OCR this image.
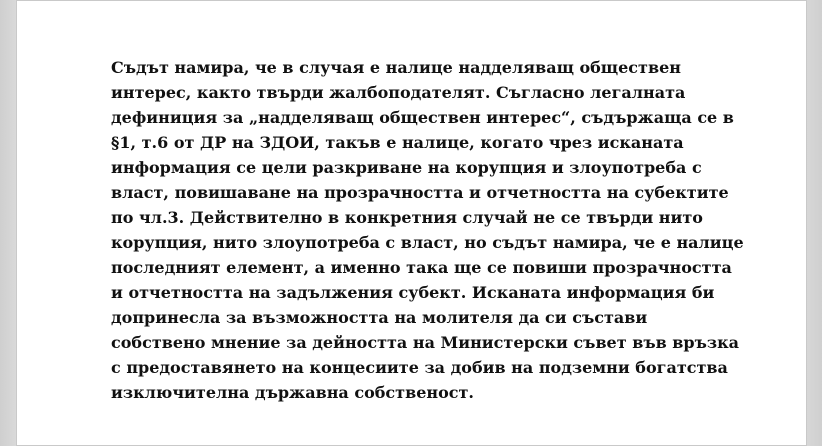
Съдът намира, че в случая е налице надделяващ обществен
интерес, както твърди жалбоподателят. Съгласно легалната
дефиниция за „надделяващ обществен интерес“, съдържаща се в
§1, т.6 от ДР на ЗДОИ, такъв е налице, когато чрез исканата
информация се цели разкриване на корупция и злоупотреба с
власт, повишаване на прозрачността и отчетността на субектите
по чл.3. Действително в конкретния случай не се твърди нито
корупция, нито злоупотреба с власт, но съдът намира, че е налице
последният елемент, а именно така ще се повиши прозрачността
и отчетността на задължения субект. Исканата информация би
допринесла за възможността на молителя да си състави
собствено мнение за дейността на Министерски съвет във връзка
с предоставянето на концесиите за добив на подземни богатства
изключителна държавна собственост.
